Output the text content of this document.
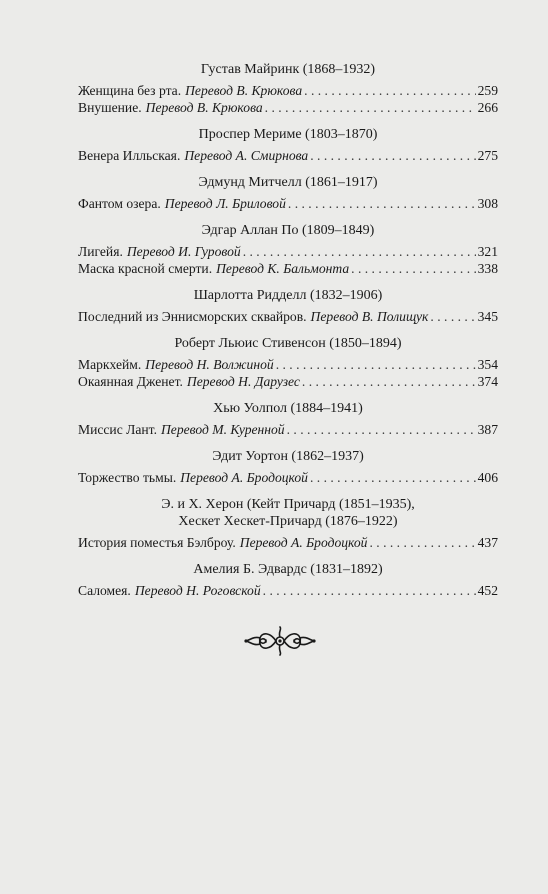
Густав Майринк (1868–1932)
Женщина без рта. Перевод В. Крюкова . . .	259
Внушение. Перевод В. Крюкова . . .	266
Проспер Мериме (1803–1870)
Венера Илльская. Перевод А. Смирнова . . .	275
Эдмунд Митчелл (1861–1917)
Фантом озера. Перевод Л. Бриловой . . .	308
Эдгар Аллан По (1809–1849)
Лигейя. Перевод И. Гуровой . . .	321
Маска красной смерти. Перевод К. Бальмонта . . .	338
Шарлотта Ридделл (1832–1906)
Последний из Эннисморских сквайров. Перевод В. Полищук . . .	345
Роберт Льюис Стивенсон (1850–1894)
Маркхейм. Перевод Н. Волжиной . . .	354
Окаянная Дженет. Перевод Н. Дарузес . . .	374
Хью Уолпол (1884–1941)
Миссис Лант. Перевод М. Куренной . . .	387
Эдит Уортон (1862–1937)
Торжество тьмы. Перевод А. Бродоцкой . . .	406
Э. и Х. Херон (Кейт Причард (1851–1935),
Хескет Хескет-Причард (1876–1922)
История поместья Бэлброу. Перевод А. Бродоцкой . . .	437
Амелия Б. Эдвардс (1831–1892)
Саломея. Перевод Н. Роговской . . .	452
